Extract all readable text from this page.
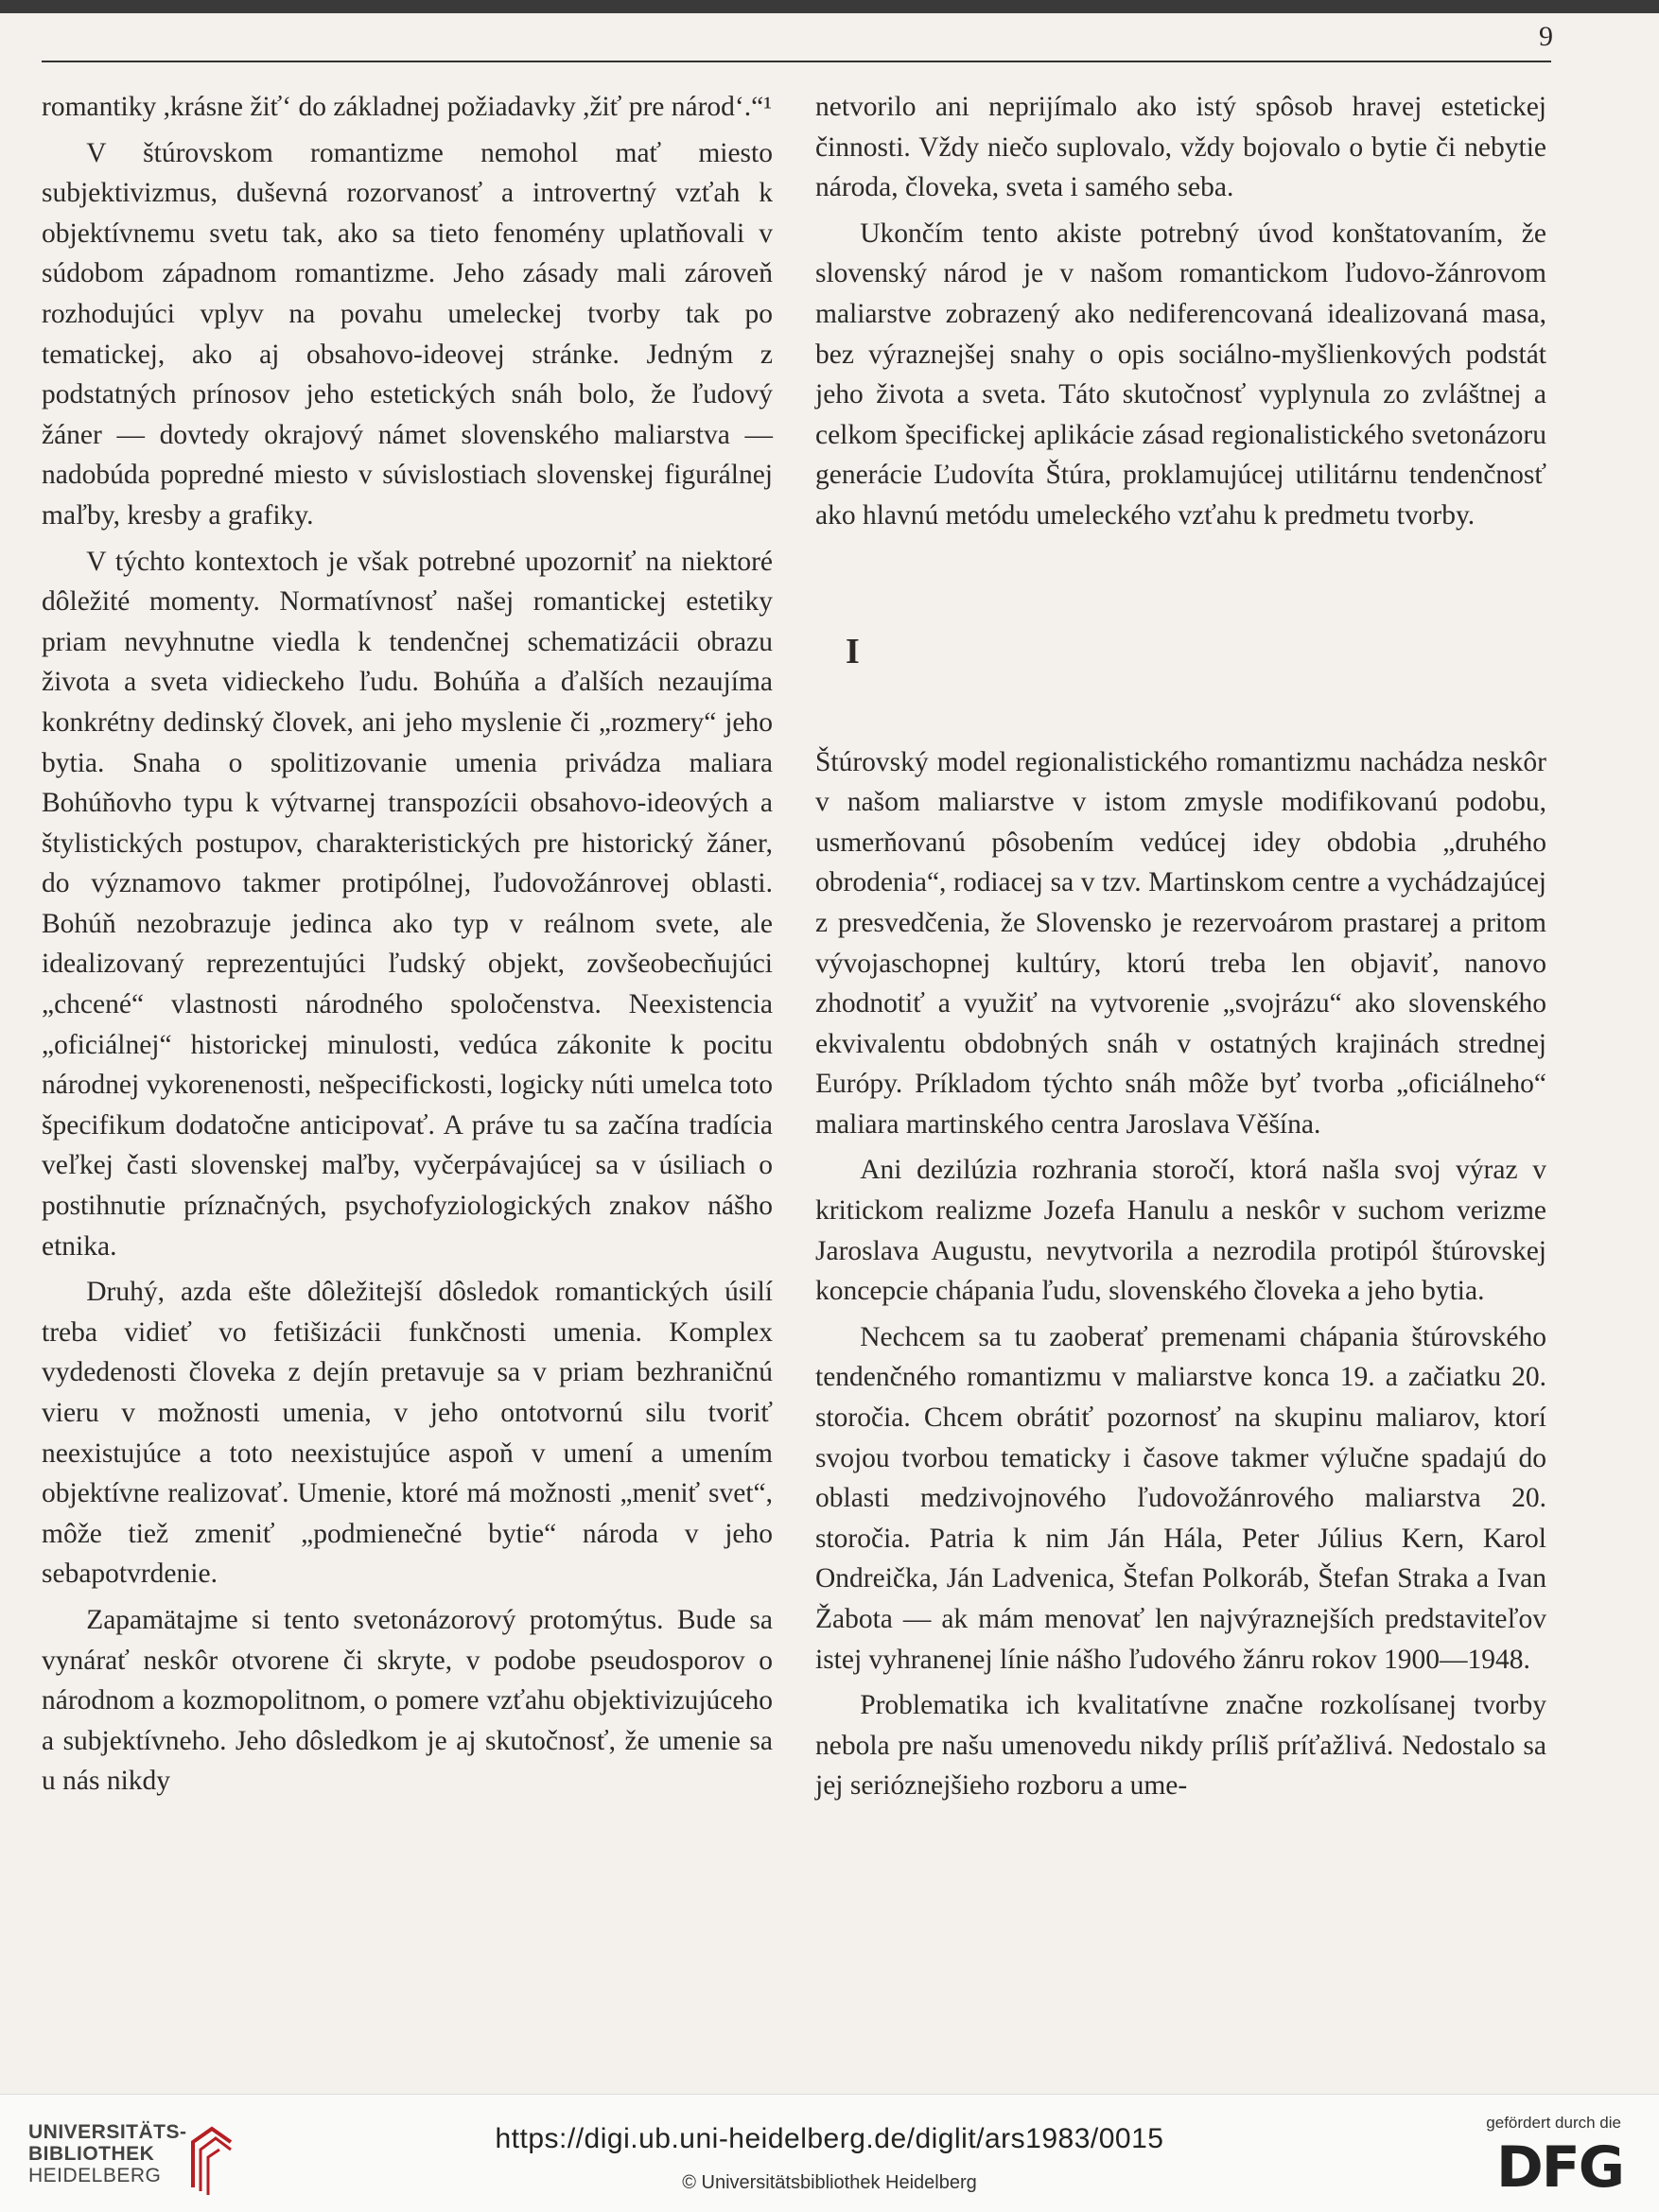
9

romantiky ,krásne žiť‘ do základnej požiadavky ,žiť pre národ‘.“¹

V štúrovskom romantizme nemohol mať miesto subjektivizmus, duševná rozorvanosť a introvertný vzťah k objektívnemu svetu tak, ako sa tieto fenomény uplatňovali v súdobom západnom romantizme. Jeho zásady mali zároveň rozhodujúci vplyv na povahu umeleckej tvorby tak po tematickej, ako aj obsahovo-ideovej stránke. Jedným z podstatných prínosov jeho estetických snáh bolo, že ľudový žáner — dovtedy okrajový námet slovenského maliarstva — nadobúda popredné miesto v súvislostiach slovenskej figurálnej maľby, kresby a grafiky.

V týchto kontextoch je však potrebné upozorniť na niektoré dôležité momenty. Normatívnosť našej romantickej estetiky priam nevyhnutne viedla k tendenčnej schematizácii obrazu života a sveta vidieckeho ľudu. Bohúňa a ďalších nezaujíma konkrétny dedinský človek, ani jeho myslenie či „rozmery“ jeho bytia. Snaha o spolitizovanie umenia privádza maliara Bohúňovho typu k výtvarnej transpozícii obsahovo-ideových a štylistických postupov, charakteristických pre historický žáner, do významovo takmer protipólnej, ľudovožánrovej oblasti. Bohúň nezobrazuje jedinca ako typ v reálnom svete, ale idealizovaný reprezentujúci ľudský objekt, zovšeobecňujúci „chcené“ vlastnosti národného spoločenstva. Neexistencia „oficiálnej“ historickej minulosti, vedúca zákonite k pocitu národnej vykorenenosti, nešpecifickosti, logicky núti umelca toto špecifikum dodatočne anticipovať. A práve tu sa začína tradícia veľkej časti slovenskej maľby, vyčerpávajúcej sa v úsiliach o postihnutie príznačných, psychofyziologických znakov nášho etnika.

Druhý, azda ešte dôležitejší dôsledok romantických úsilí treba vidieť vo fetišizácii funkčnosti umenia. Komplex vydedenosti človeka z dejín pretavuje sa v priam bezhraničnú vieru v možnosti umenia, v jeho ontotvornú silu tvoriť neexistujúce a toto neexistujúce aspoň v umení a umením objektívne realizovať. Umenie, ktoré má možnosti „meniť svet“, môže tiež zmeniť „podmienečné bytie“ národa v jeho sebapotvrdenie.

Zapamätajme si tento svetonázorový protomýtus. Bude sa vynárať neskôr otvorene či skryte, v podobe pseudosporov o národnom a kozmopolitnom, o pomere vzťahu objektivizujúceho a subjektívneho. Jeho dôsledkom je aj skutočnosť, že umenie sa u nás nikdy

netvorilo ani neprijímalo ako istý spôsob hravej estetickej činnosti. Vždy niečo suplovalo, vždy bojovalo o bytie či nebytie národa, človeka, sveta i samého seba.

Ukončím tento akiste potrebný úvod konštatovaním, že slovenský národ je v našom romantickom ľudovo-žánrovom maliarstve zobrazený ako nediferencovaná idealizovaná masa, bez výraznejšej snahy o opis sociálno-myšlienkových podstát jeho života a sveta. Táto skutočnosť vyplynula zo zvláštnej a celkom špecifickej aplikácie zásad regionalistického svetonázoru generácie Ľudovíta Štúra, proklamujúcej utilitárnu tendenčnosť ako hlavnú metódu umeleckého vzťahu k predmetu tvorby.

I

Štúrovský model regionalistického romantizmu nachádza neskôr v našom maliarstve v istom zmysle modifikovanú podobu, usmerňovanú pôsobením vedúcej idey obdobia „druhého obrodenia“, rodiacej sa v tzv. Martinskom centre a vychádzajúcej z presvedčenia, že Slovensko je rezervoárom prastarej a pritom vývojaschopnej kultúry, ktorú treba len objaviť, nanovo zhodnotiť a využiť na vytvorenie „svojrázu“ ako slovenského ekvivalentu obdobných snáh v ostatných krajinách strednej Európy. Príkladom týchto snáh môže byť tvorba „oficiálneho“ maliara martinského centra Jaroslava Věšína.

Ani dezilúzia rozhrania storočí, ktorá našla svoj výraz v kritickom realizme Jozefa Hanulu a neskôr v suchom verizme Jaroslava Augustu, nevytvorila a nezrodila protipól štúrovskej koncepcie chápania ľudu, slovenského človeka a jeho bytia.

Nechcem sa tu zaoberať premenami chápania štúrovského tendenčného romantizmu v maliarstve konca 19. a začiatku 20. storočia. Chcem obrátiť pozornosť na skupinu maliarov, ktorí svojou tvorbou tematicky i časove takmer výlučne spadajú do oblasti medzivojnového ľudovožánrového maliarstva 20. storočia. Patria k nim Ján Hála, Peter Július Kern, Karol Ondreička, Ján Ladvenica, Štefan Polkoráb, Štefan Straka a Ivan Žabota — ak mám menovať len najvýraznejších predstaviteľov istej vyhranenej línie nášho ľudového žánru rokov 1900—1948.

Problematika ich kvalitatívne značne rozkolísanej tvorby nebola pre našu umenovedu nikdy príliš príťažlivá. Nedostalo sa jej serióznejšieho rozboru a ume-

UNIVERSITÄTS-
BIBLIOTHEK
HEIDELBERG
https://digi.ub.uni-heidelberg.de/diglit/ars1983/0015
© Universitätsbibliothek Heidelberg
gefördert durch die
DFG
